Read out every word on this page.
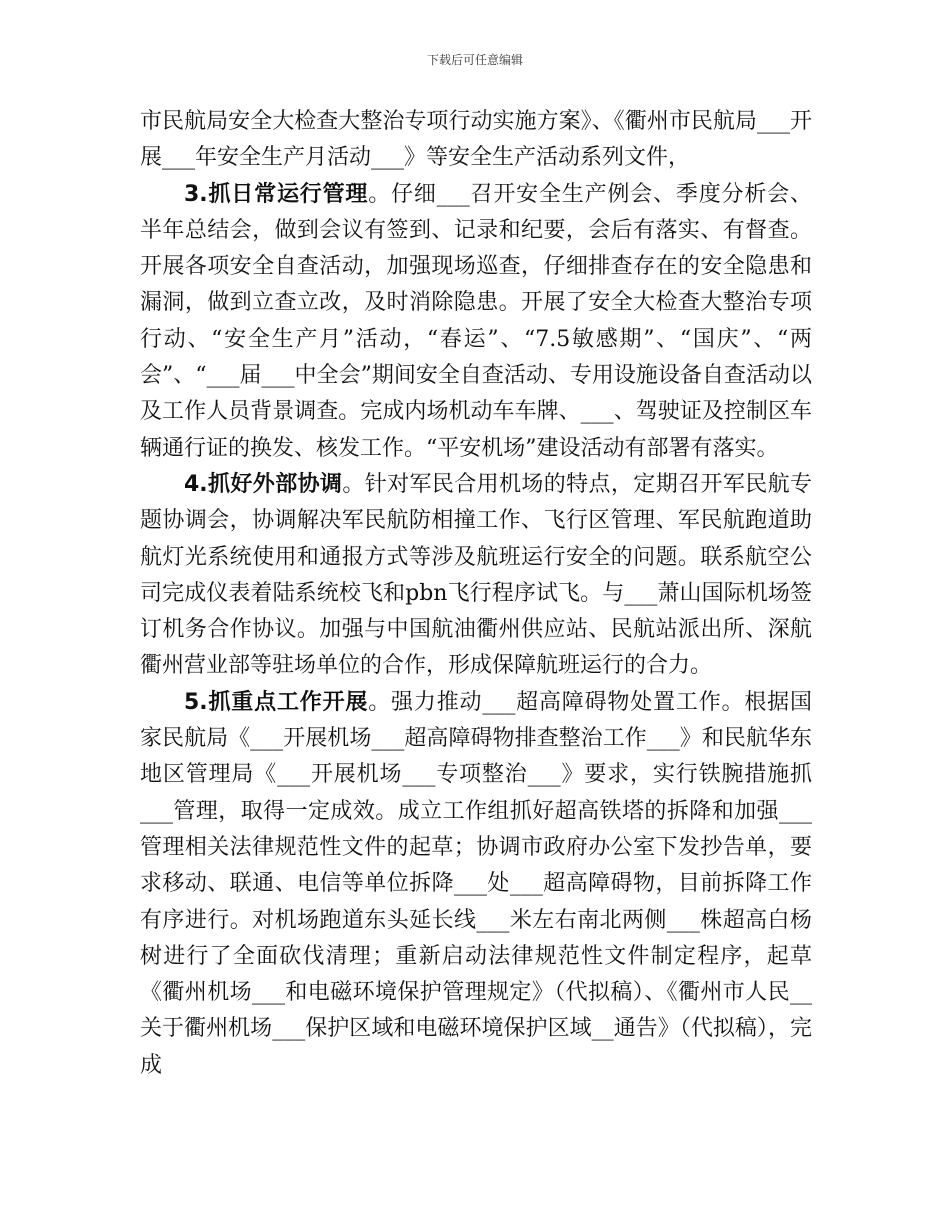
下载后可任意编辑

市民航局安全大检查大整治专项行动实施方案》、《衢州市民航局___开展___年安全生产月活动___》等安全生产活动系列文件，

3.抓日常运行管理。仔细___召开安全生产例会、季度分析会、半年总结会，做到会议有签到、记录和纪要，会后有落实、有督查。开展各项安全自查活动，加强现场巡查，仔细排查存在的安全隐患和漏洞，做到立查立改，及时消除隐患。开展了安全大检查大整治专项行动、“安全生产月”活动，“春运”、“7.5敏感期”、“国庆”、“两会”、“___届___中全会”期间安全自查活动、专用设施设备自查活动以及工作人员背景调查。完成内场机动车车牌、___、驾驶证及控制区车辆通行证的换发、核发工作。“平安机场”建设活动有部署有落实。

4.抓好外部协调。针对军民合用机场的特点，定期召开军民航专题协调会，协调解决军民航防相撞工作、飞行区管理、军民航跑道助航灯光系统使用和通报方式等涉及航班运行安全的问题。联系航空公司完成仪表着陆系统校飞和pbn飞行程序试飞。与___萧山国际机场签订机务合作协议。加强与中国航油衢州供应站、民航站派出所、深航衢州营业部等驻场单位的合作，形成保障航班运行的合力。

5.抓重点工作开展。强力推动___超高障碍物处置工作。根据国家民航局《___开展机场___超高障碍物排查整治工作___》和民航华东地区管理局《___开展机场___专项整治___》要求，实行铁腕措施抓___管理，取得一定成效。成立工作组抓好超高铁塔的拆降和加强___管理相关法律规范性文件的起草；协调市政府办公室下发抄告单，要求移动、联通、电信等单位拆降___处___超高障碍物，目前拆降工作有序进行。对机场跑道东头延长线___米左右南北两侧___株超高白杨树进行了全面砍伐清理；重新启动法律规范性文件制定程序，起草《衢州机场___和电磁环境保护管理规定》（代拟稿）、《衢州市人民__关于衢州机场___保护区域和电磁环境保护区域__通告》（代拟稿），完成
